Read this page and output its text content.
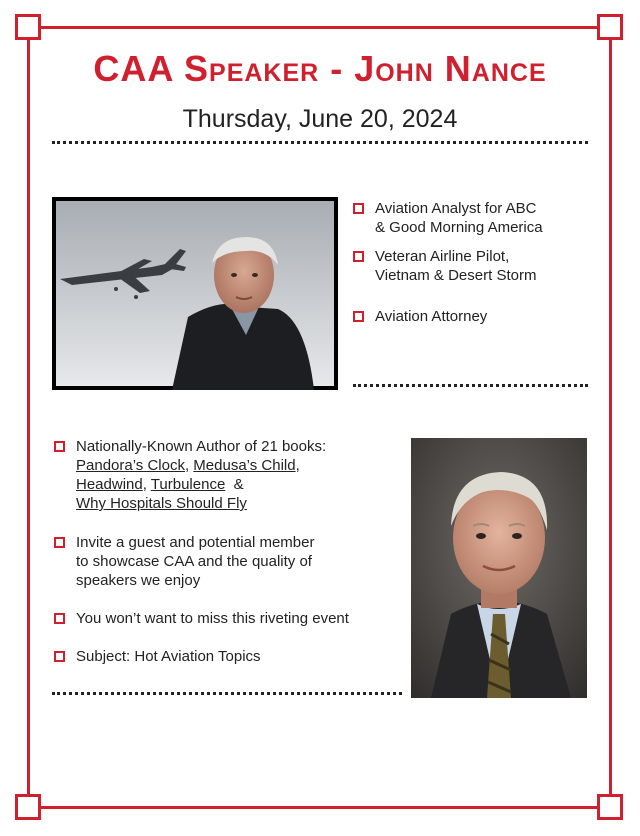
CAA Speaker - John Nance
Thursday, June 20, 2024
Aviation Analyst for ABC
& Good Morning America
Veteran Airline Pilot,
Vietnam & Desert Storm
Aviation Attorney
Nationally-Known Author of 21 books:
Pandora’s Clock, Medusa’s Child,
Headwind, Turbulence  &
Why Hospitals Should Fly
Invite a guest and potential member
to showcase CAA and the quality of
speakers we enjoy
You won’t want to miss this riveting event
Subject: Hot Aviation Topics
